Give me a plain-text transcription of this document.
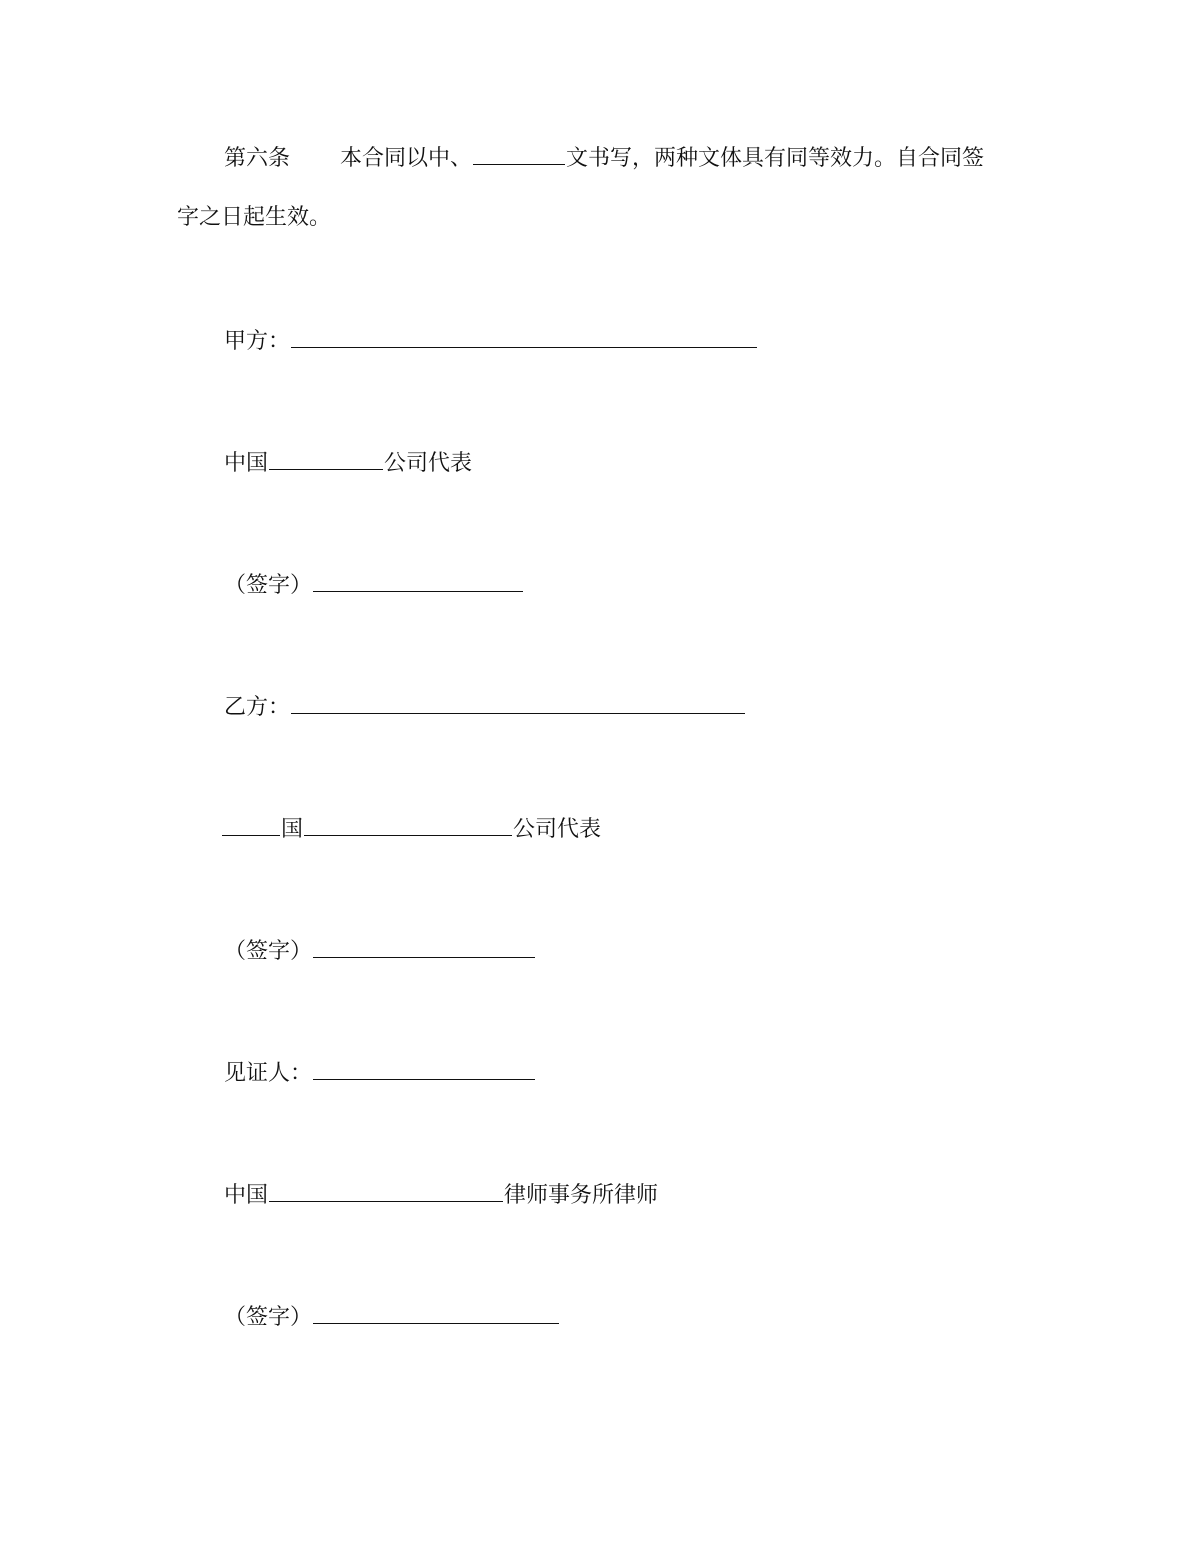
第六条 本合同以中、	文书写，两种文体具有同等效力。自合同签
字之日起生效。
甲方：
中国	公司代表
（签字）
乙方：
国	公司代表
（签字）
见证人：
中国	律师事务所律师
（签字）
